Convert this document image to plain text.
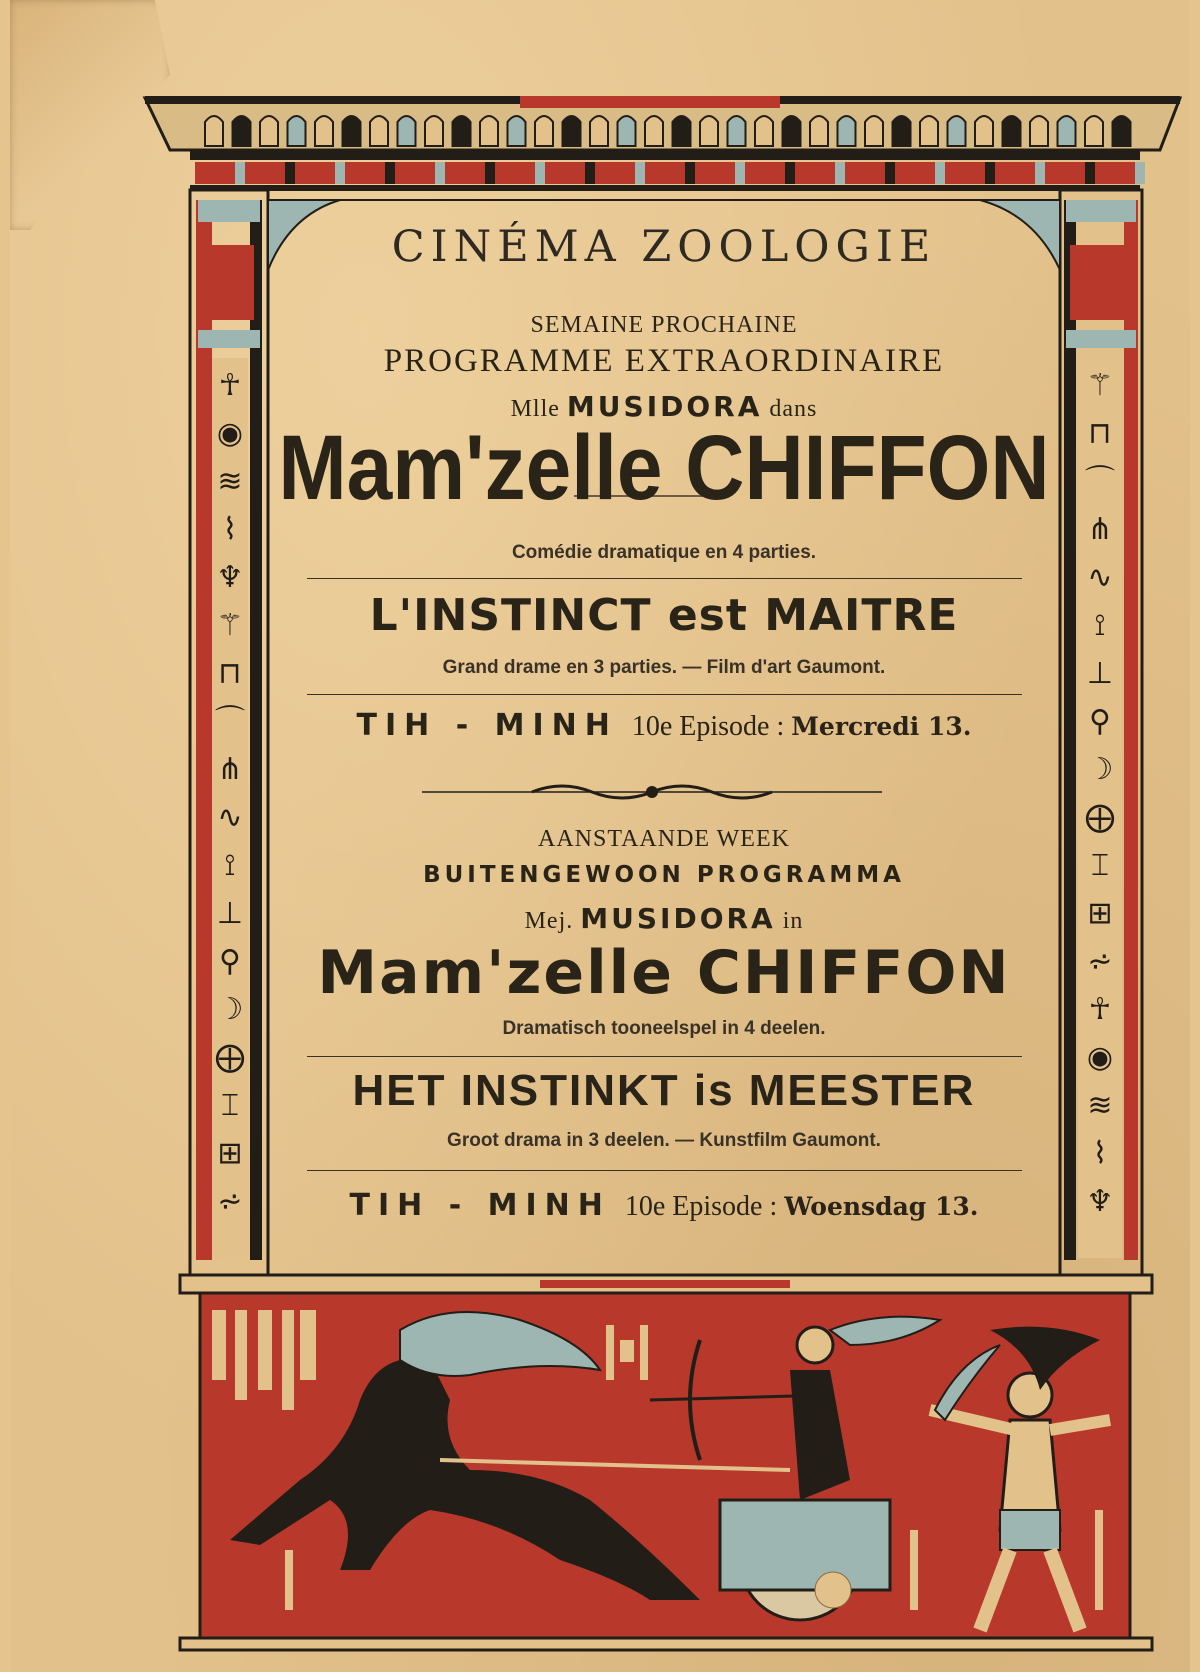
☥
◉
≋
⌇
♆
⚚
⊓
⌒
⋔
∿
⟟
⊥
⚲
☽
⨁
⌶
⊞
⩫
⚚
⊓
⌒
⋔
∿
⟟
⊥
⚲
☽
⨁
⌶
⊞
⩫
☥
◉
≋
⌇
♆
CINÉMA ZOOLOGIE
SEMAINE PROCHAINE
PROGRAMME EXTRAORDINAIRE
Mlle MUSIDORA dans
Mam'zelle CHIFFON
Comédie dramatique en 4 parties.
L'INSTINCT est MAITRE
Grand drame en 3 parties. — Film d'art Gaumont.
TIH - MINH 10e Episode : Mercredi 13.
AANSTAANDE WEEK
BUITENGEWOON PROGRAMMA
Mej. MUSIDORA in
Mam'zelle CHIFFON
Dramatisch tooneelspel in 4 deelen.
HET INSTINKT is MEESTER
Groot drama in 3 deelen. — Kunstfilm Gaumont.
TIH - MINH 10e Episode : Woensdag 13.
